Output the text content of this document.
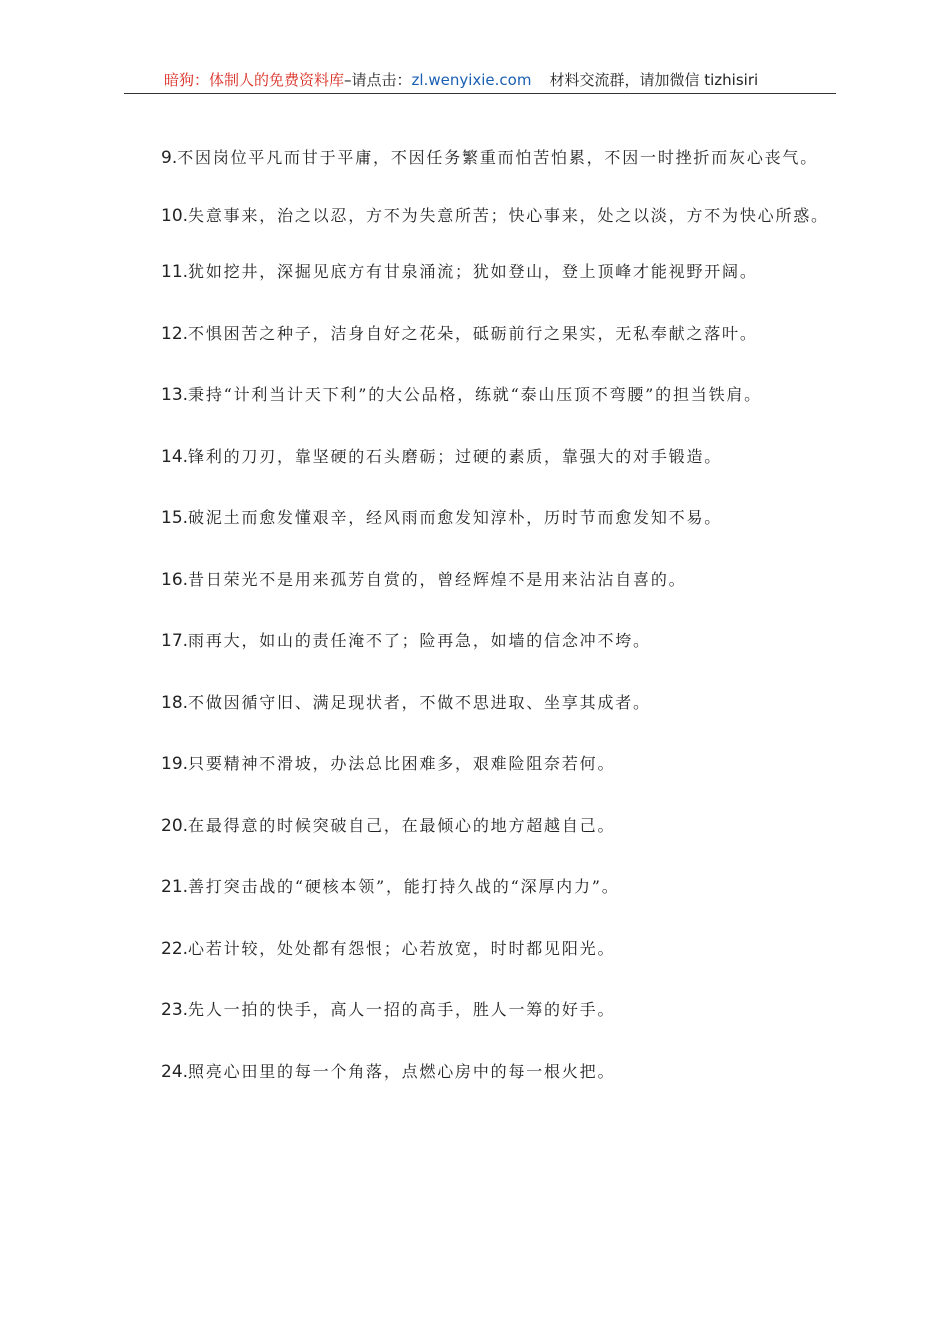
暗狗：体制人的免费资料库–请点击：zl.wenyixie.com 材料交流群，请加微信 tizhisiri

9.不因岗位平凡而甘于平庸，不因任务繁重而怕苦怕累，不因一时挫折而灰心丧气。

10.失意事来，治之以忍，方不为失意所苦；快心事来，处之以淡，方不为快心所惑。

11.犹如挖井，深掘见底方有甘泉涌流；犹如登山，登上顶峰才能视野开阔。

12.不惧困苦之种子，洁身自好之花朵，砥砺前行之果实，无私奉献之落叶。

13.秉持“计利当计天下利”的大公品格，练就“泰山压顶不弯腰”的担当铁肩。

14.锋利的刀刃，靠坚硬的石头磨砺；过硬的素质，靠强大的对手锻造。

15.破泥土而愈发懂艰辛，经风雨而愈发知淳朴，历时节而愈发知不易。

16.昔日荣光不是用来孤芳自赏的，曾经辉煌不是用来沾沾自喜的。

17.雨再大，如山的责任淹不了；险再急，如墙的信念冲不垮。

18.不做因循守旧、满足现状者，不做不思进取、坐享其成者。

19.只要精神不滑坡，办法总比困难多，艰难险阻奈若何。

20.在最得意的时候突破自己，在最倾心的地方超越自己。

21.善打突击战的“硬核本领”，能打持久战的“深厚内力”。

22.心若计较，处处都有怨恨；心若放宽，时时都见阳光。

23.先人一拍的快手，高人一招的高手，胜人一筹的好手。

24.照亮心田里的每一个角落，点燃心房中的每一根火把。
